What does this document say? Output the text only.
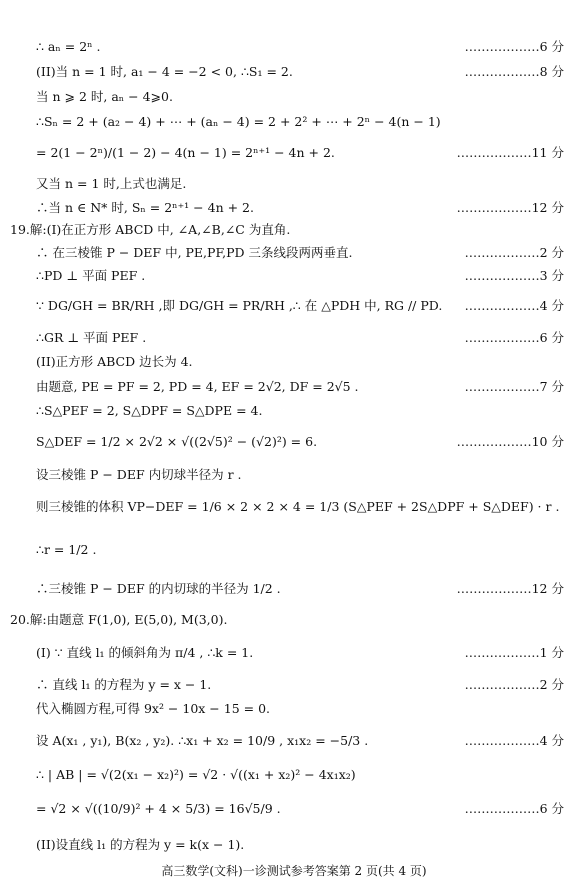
∴ aₙ = 2ⁿ .
(II)当 n = 1 时, a₁ − 4 = −2 < 0, ∴S₁ = 2.
当 n ⩾ 2 时, aₙ − 4⩾0.
∴Sₙ = 2 + (a₂ − 4) + ⋯ + (aₙ − 4) = 2 + 2² + ⋯ + 2ⁿ − 4(n − 1)
= 2(1 − 2ⁿ)/(1 − 2) − 4(n − 1) = 2ⁿ⁺¹ − 4n + 2.
又当 n = 1 时,上式也满足.
∴当 n ∈ N* 时, Sₙ = 2ⁿ⁺¹ − 4n + 2.
19.解:(I)在正方形 ABCD 中, ∠A,∠B,∠C 为直角.
∴ 在三棱锥 P − DEF 中, PE,PF,PD 三条线段两两垂直.
∴PD ⊥ 平面 PEF .
∵ DG/GH = BR/RH ,即 DG/GH = PR/RH ,∴ 在 △PDH 中, RG // PD.
∴GR ⊥ 平面 PEF .
(II)正方形 ABCD 边长为 4.
由题意, PE = PF = 2, PD = 4, EF = 2√2, DF = 2√5 .
∴S△PEF = 2, S△DPF = S△DPE = 4.
S△DEF = 1/2 × 2√2 × √((2√5)² − (√2)²) = 6.
设三棱锥 P − DEF 内切球半径为 r .
则三棱锥的体积 VP−DEF = 1/6 × 2 × 2 × 4 = 1/3 (S△PEF + 2S△DPF + S△DEF) · r .
∴r = 1/2 .
∴三棱锥 P − DEF 的内切球的半径为 1/2 .
20.解:由题意 F(1,0), E(5,0), M(3,0).
(I) ∵ 直线 l₁ 的倾斜角为 π/4 , ∴k = 1.
∴ 直线 l₁ 的方程为 y = x − 1.
代入椭圆方程,可得 9x² − 10x − 15 = 0.
设 A(x₁ , y₁), B(x₂ , y₂). ∴x₁ + x₂ = 10/9 , x₁x₂ = −5/3 .
∴ | AB | = √(2(x₁ − x₂)²) = √2 · √((x₁ + x₂)² − 4x₁x₂)
= √2 × √((10/9)² + 4 × 5/3) = 16√5/9 .
(II)设直线 l₁ 的方程为 y = k(x − 1).
………………6 分
………………8 分
………………11 分
………………12 分
………………2 分
………………3 分
………………4 分
………………6 分
………………7 分
………………10 分
………………12 分
………………1 分
………………2 分
………………4 分
………………6 分
高三数学(文科)一诊测试参考答案第 2 页(共 4 页)
